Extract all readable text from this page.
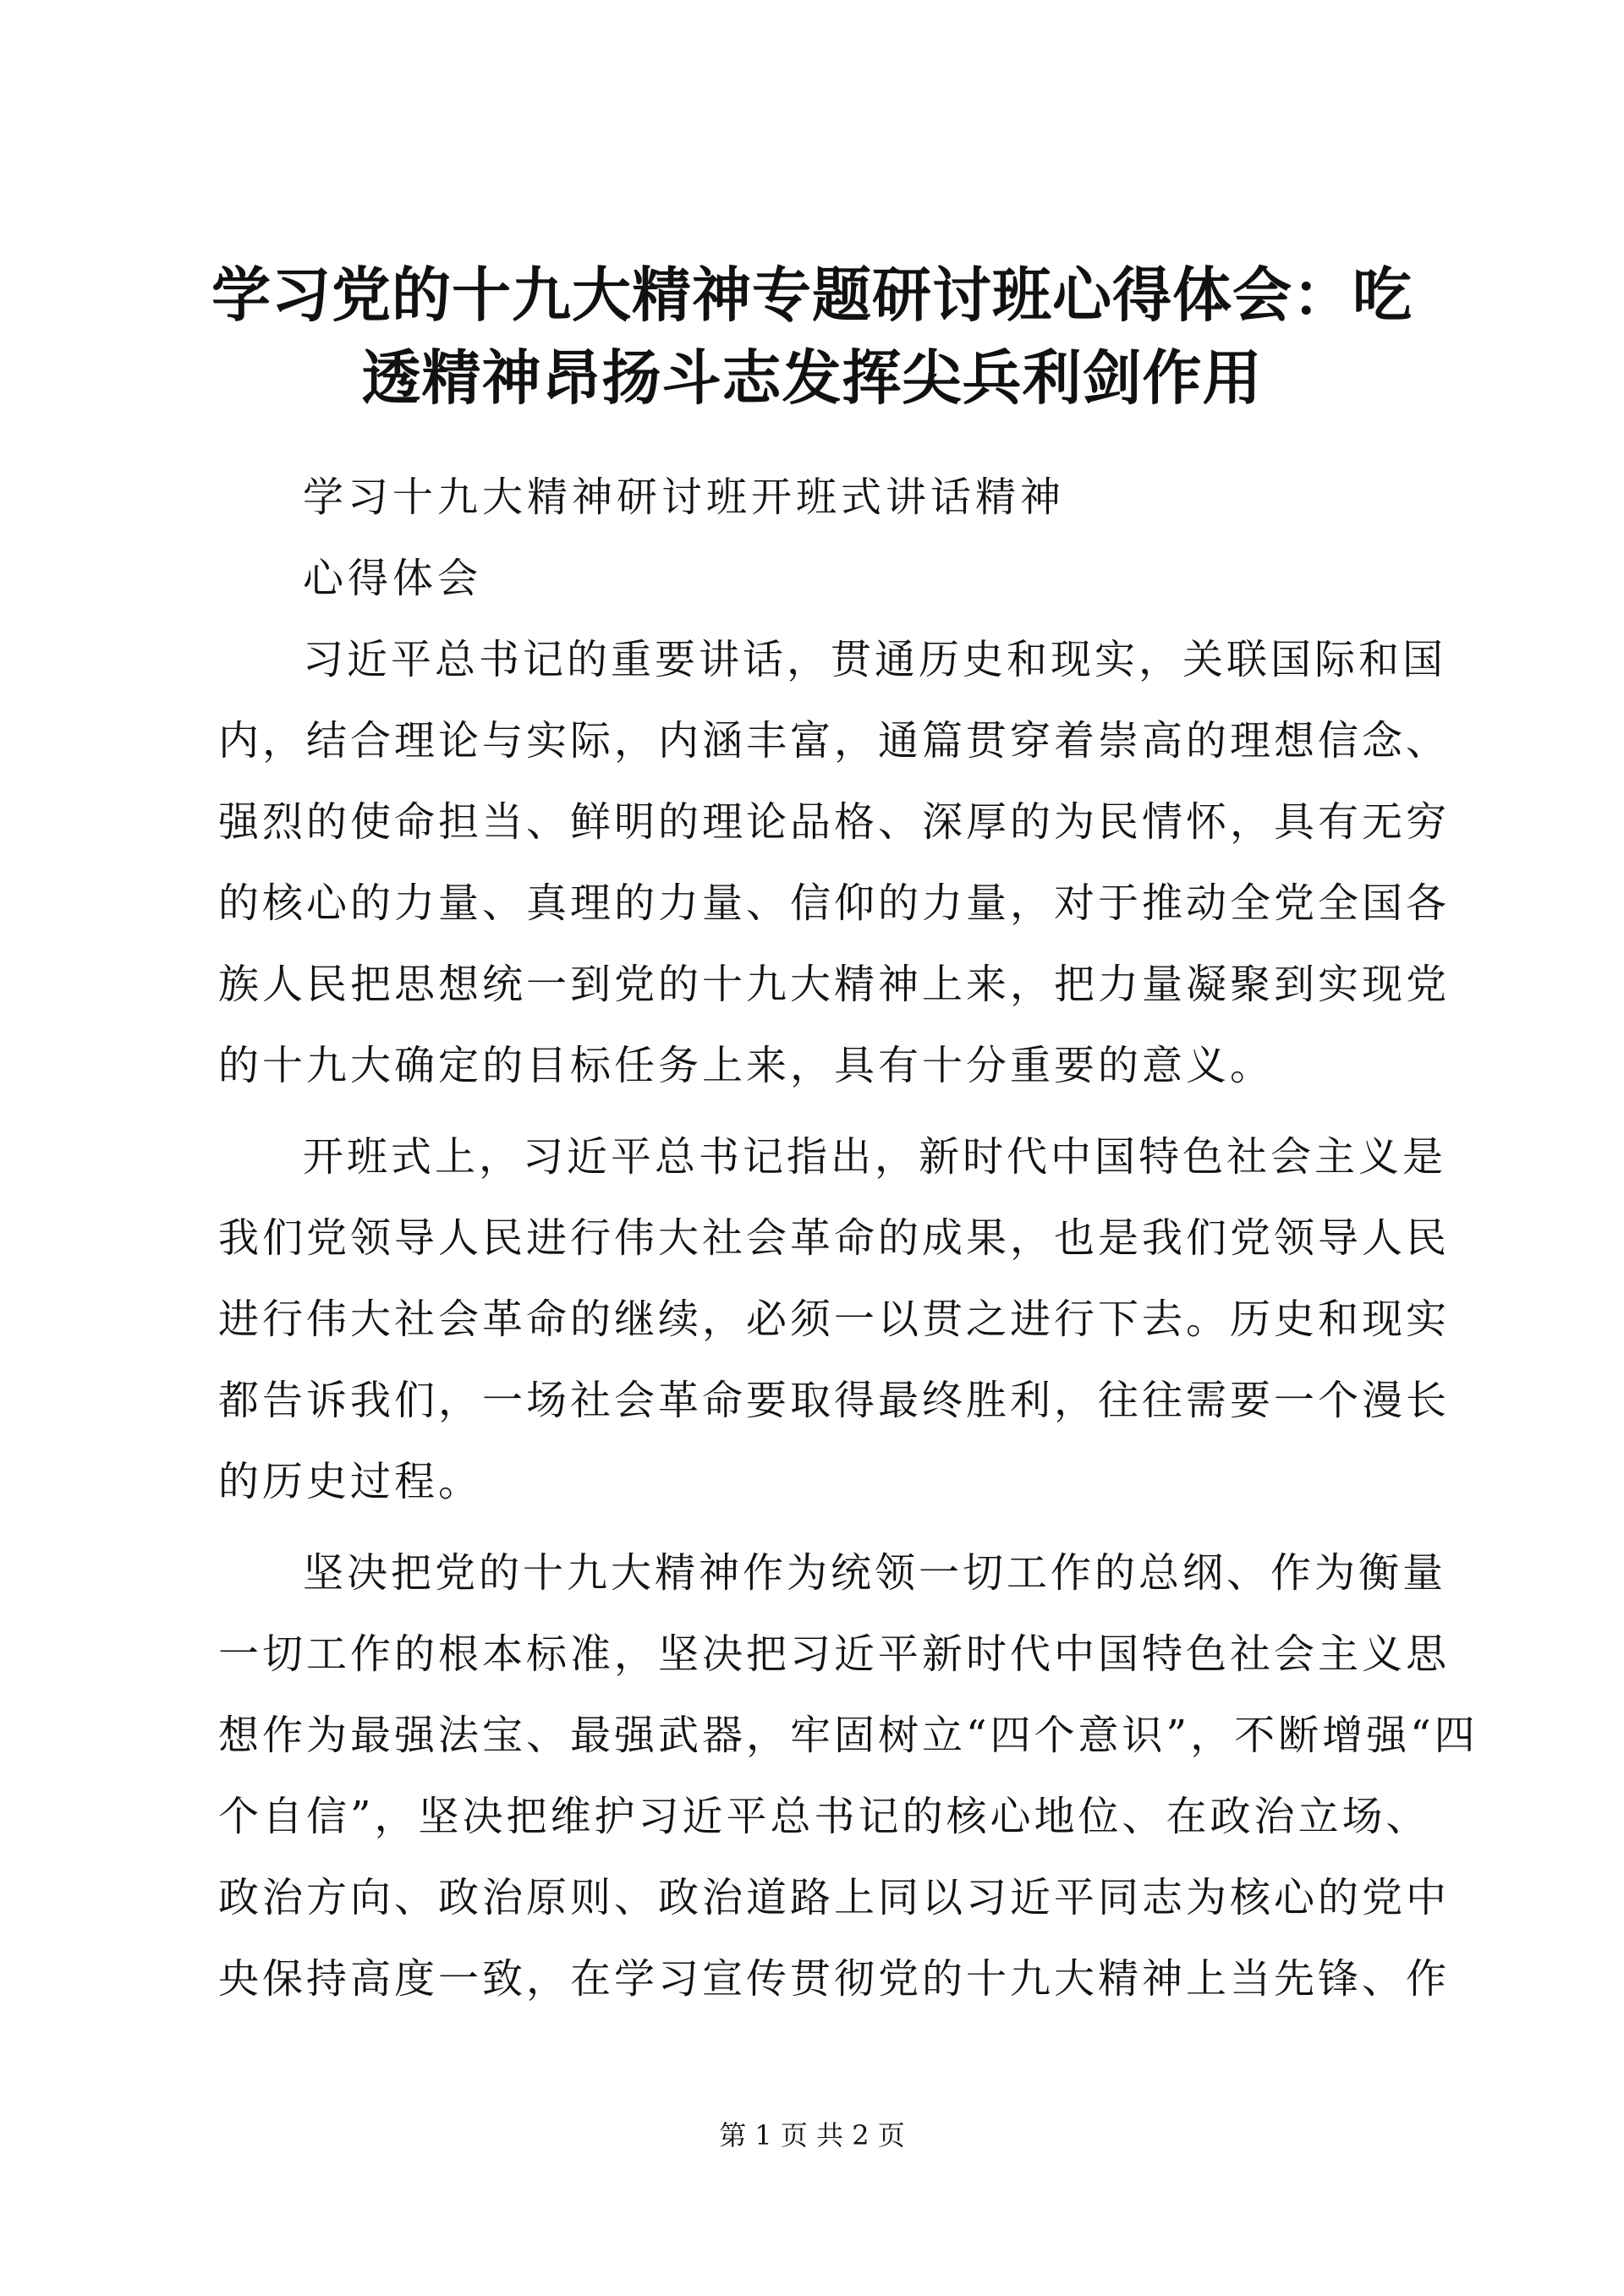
学习党的十九大精神专题研讨班心得体会：吃
透精神昂扬斗志发挥尖兵利剑作用
学习十九大精神研讨班开班式讲话精神
心得体会
习近平总书记的重要讲话，贯通历史和现实，关联国际和国
内，结合理论与实际，内涵丰富，通篇贯穿着崇高的理想信念、
强烈的使命担当、鲜明的理论品格、深厚的为民情怀，具有无穷
的核心的力量、真理的力量、信仰的力量，对于推动全党全国各
族人民把思想统一到党的十九大精神上来，把力量凝聚到实现党
的十九大确定的目标任务上来，具有十分重要的意义。
开班式上，习近平总书记指出，新时代中国特色社会主义是
我们党领导人民进行伟大社会革命的成果，也是我们党领导人民
进行伟大社会革命的继续，必须一以贯之进行下去。历史和现实
都告诉我们，一场社会革命要取得最终胜利，往往需要一个漫长
的历史过程。
坚决把党的十九大精神作为统领一切工作的总纲、作为衡量
一切工作的根本标准，坚决把习近平新时代中国特色社会主义思
想作为最强法宝、最强武器，牢固树立“四个意识”，不断增强“四
个自信”，坚决把维护习近平总书记的核心地位、在政治立场、
政治方向、政治原则、政治道路上同以习近平同志为核心的党中
央保持高度一致，在学习宣传贯彻党的十九大精神上当先锋、作
第 1 页 共 2 页
